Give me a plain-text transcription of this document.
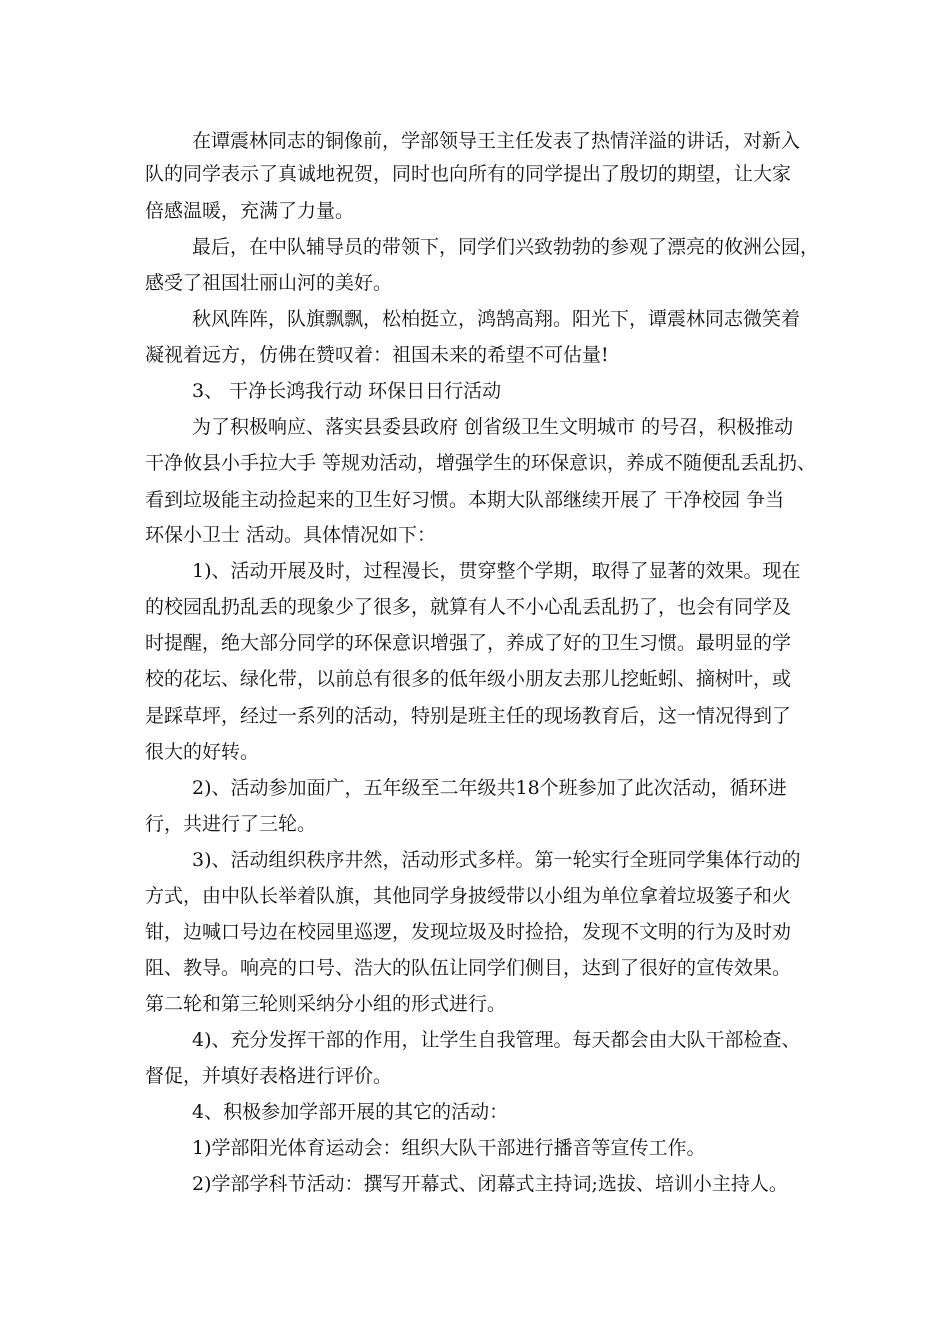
在谭震林同志的铜像前，学部领导王主任发表了热情洋溢的讲话，对新入
队的同学表示了真诚地祝贺，同时也向所有的同学提出了殷切的期望，让大家
倍感温暖，充满了力量。
最后，在中队辅导员的带领下，同学们兴致勃勃的参观了漂亮的攸洲公园，
感受了祖国壮丽山河的美好。
秋风阵阵，队旗飘飘，松柏挺立，鸿鹄高翔。阳光下，谭震林同志微笑着
凝视着远方，仿佛在赞叹着：祖国未来的希望不可估量!
3、 干净长鸿我行动 环保日日行活动
为了积极响应、落实县委县政府 创省级卫生文明城市 的号召，积极推动
干净攸县小手拉大手 等规劝活动，增强学生的环保意识，养成不随便乱丢乱扔、
看到垃圾能主动捡起来的卫生好习惯。本期大队部继续开展了 干净校园 争当
环保小卫士 活动。具体情况如下：
1)、活动开展及时，过程漫长，贯穿整个学期，取得了显著的效果。现在
的校园乱扔乱丢的现象少了很多，就算有人不小心乱丢乱扔了，也会有同学及
时提醒，绝大部分同学的环保意识增强了，养成了好的卫生习惯。最明显的学
校的花坛、绿化带，以前总有很多的低年级小朋友去那儿挖蚯蚓、摘树叶，或
是踩草坪，经过一系列的活动，特别是班主任的现场教育后，这一情况得到了
很大的好转。
2)、活动参加面广，五年级至二年级共18个班参加了此次活动，循环进
行，共进行了三轮。
3)、活动组织秩序井然，活动形式多样。第一轮实行全班同学集体行动的
方式，由中队长举着队旗，其他同学身披绶带以小组为单位拿着垃圾篓子和火
钳，边喊口号边在校园里巡逻，发现垃圾及时捡拾，发现不文明的行为及时劝
阻、教导。响亮的口号、浩大的队伍让同学们侧目，达到了很好的宣传效果。
第二轮和第三轮则采纳分小组的形式进行。
4)、充分发挥干部的作用，让学生自我管理。每天都会由大队干部检查、
督促，并填好表格进行评价。
4、积极参加学部开展的其它的活动：
1)学部阳光体育运动会：组织大队干部进行播音等宣传工作。
2)学部学科节活动：撰写开幕式、闭幕式主持词;选拔、培训小主持人。
